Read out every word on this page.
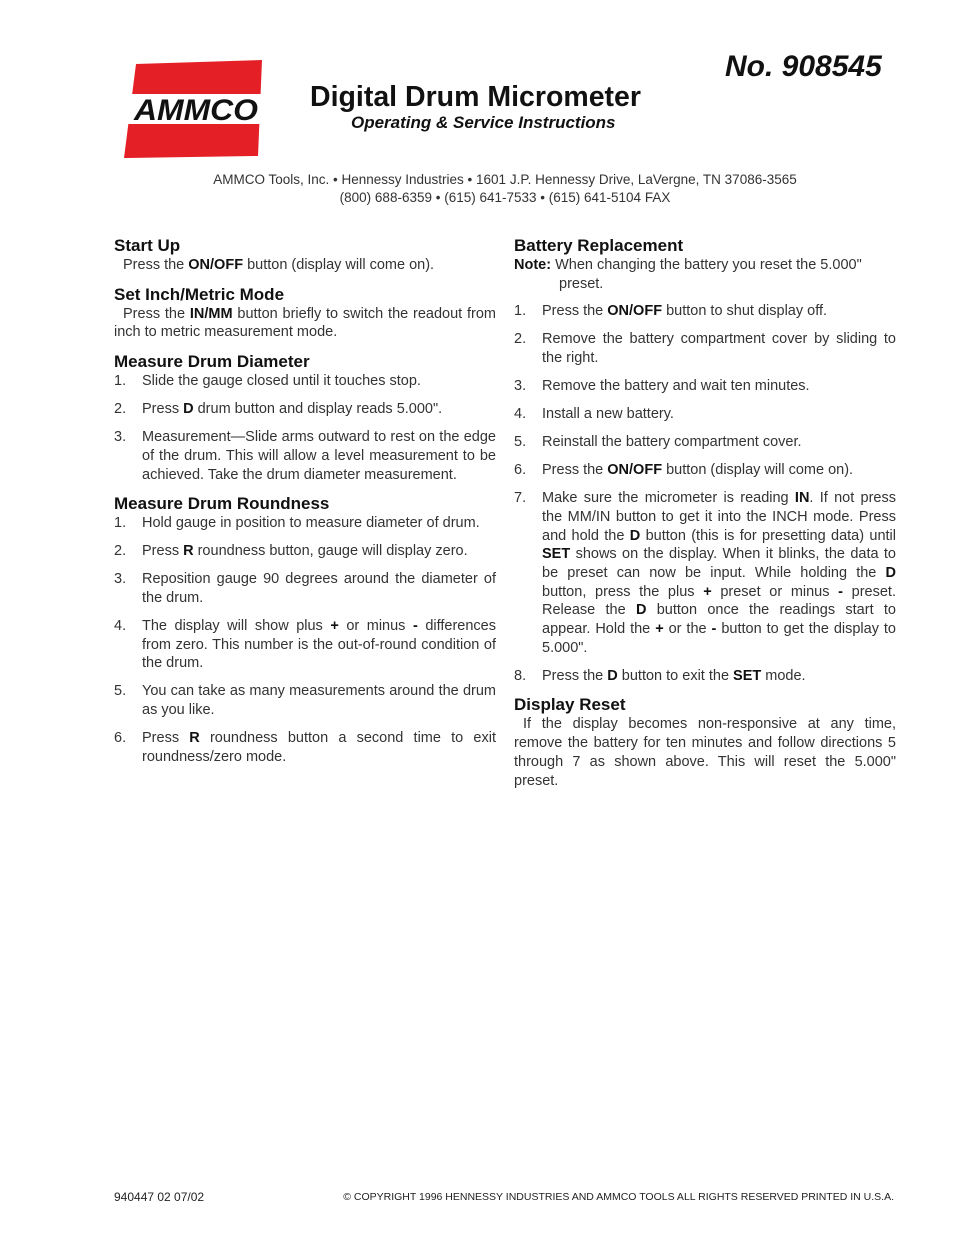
AMMCO
No. 908545
Digital Drum Micrometer
Operating & Service Instructions
AMMCO Tools, Inc. • Hennessy Industries • 1601 J.P. Hennessy Drive, LaVergne, TN 37086-3565
(800) 688-6359 • (615) 641-7533 • (615) 641-5104 FAX
Start Up

Press the ON/OFF button (display will come on).

Set Inch/Metric Mode

Press the IN/MM button briefly to switch the readout from inch to metric measurement mode.

Measure Drum Diameter
1. Slide the gauge closed until it touches stop.
2. Press D drum button and display reads 5.000".
3. Measurement—Slide arms outward to rest on the edge of the drum. This will allow a level measurement to be achieved. Take the drum diameter measurement.
Measure Drum Roundness
1. Hold gauge in position to measure diameter of drum.
2. Press R roundness button, gauge will display zero.
3. Reposition gauge 90 degrees around the diameter of the drum.
4. The display will show plus + or minus - differences from zero. This number is the out-of-round condition of the drum.
5. You can take as many measurements around the drum as you like.
6. Press R roundness button a second time to exit roundness/zero mode.
Battery Replacement

Note: When changing the battery you reset the 5.000" preset.

1. Press the ON/OFF button to shut display off.
2. Remove the battery compartment cover by sliding to the right.
3. Remove the battery and wait ten minutes.
4. Install a new battery.
5. Reinstall the battery compartment cover.
6. Press the ON/OFF button (display will come on).
7. Make sure the micrometer is reading IN. If not press the MM/IN button to get it into the INCH mode. Press and hold the D button (this is for presetting data) until SET shows on the display. When it blinks, the data to be preset can now be input. While holding the D button, press the plus + preset or minus - preset. Release the D button once the readings start to appear. Hold the + or the - button to get the display to 5.000".
8. Press the D button to exit the SET mode.
Display Reset

If the display becomes non-responsive at any time, remove the battery for ten minutes and follow directions 5 through 7 as shown above. This will reset the 5.000" preset.

940447 02 07/02	© COPYRIGHT 1996 HENNESSY INDUSTRIES AND AMMCO TOOLS ALL RIGHTS RESERVED PRINTED IN U.S.A.
